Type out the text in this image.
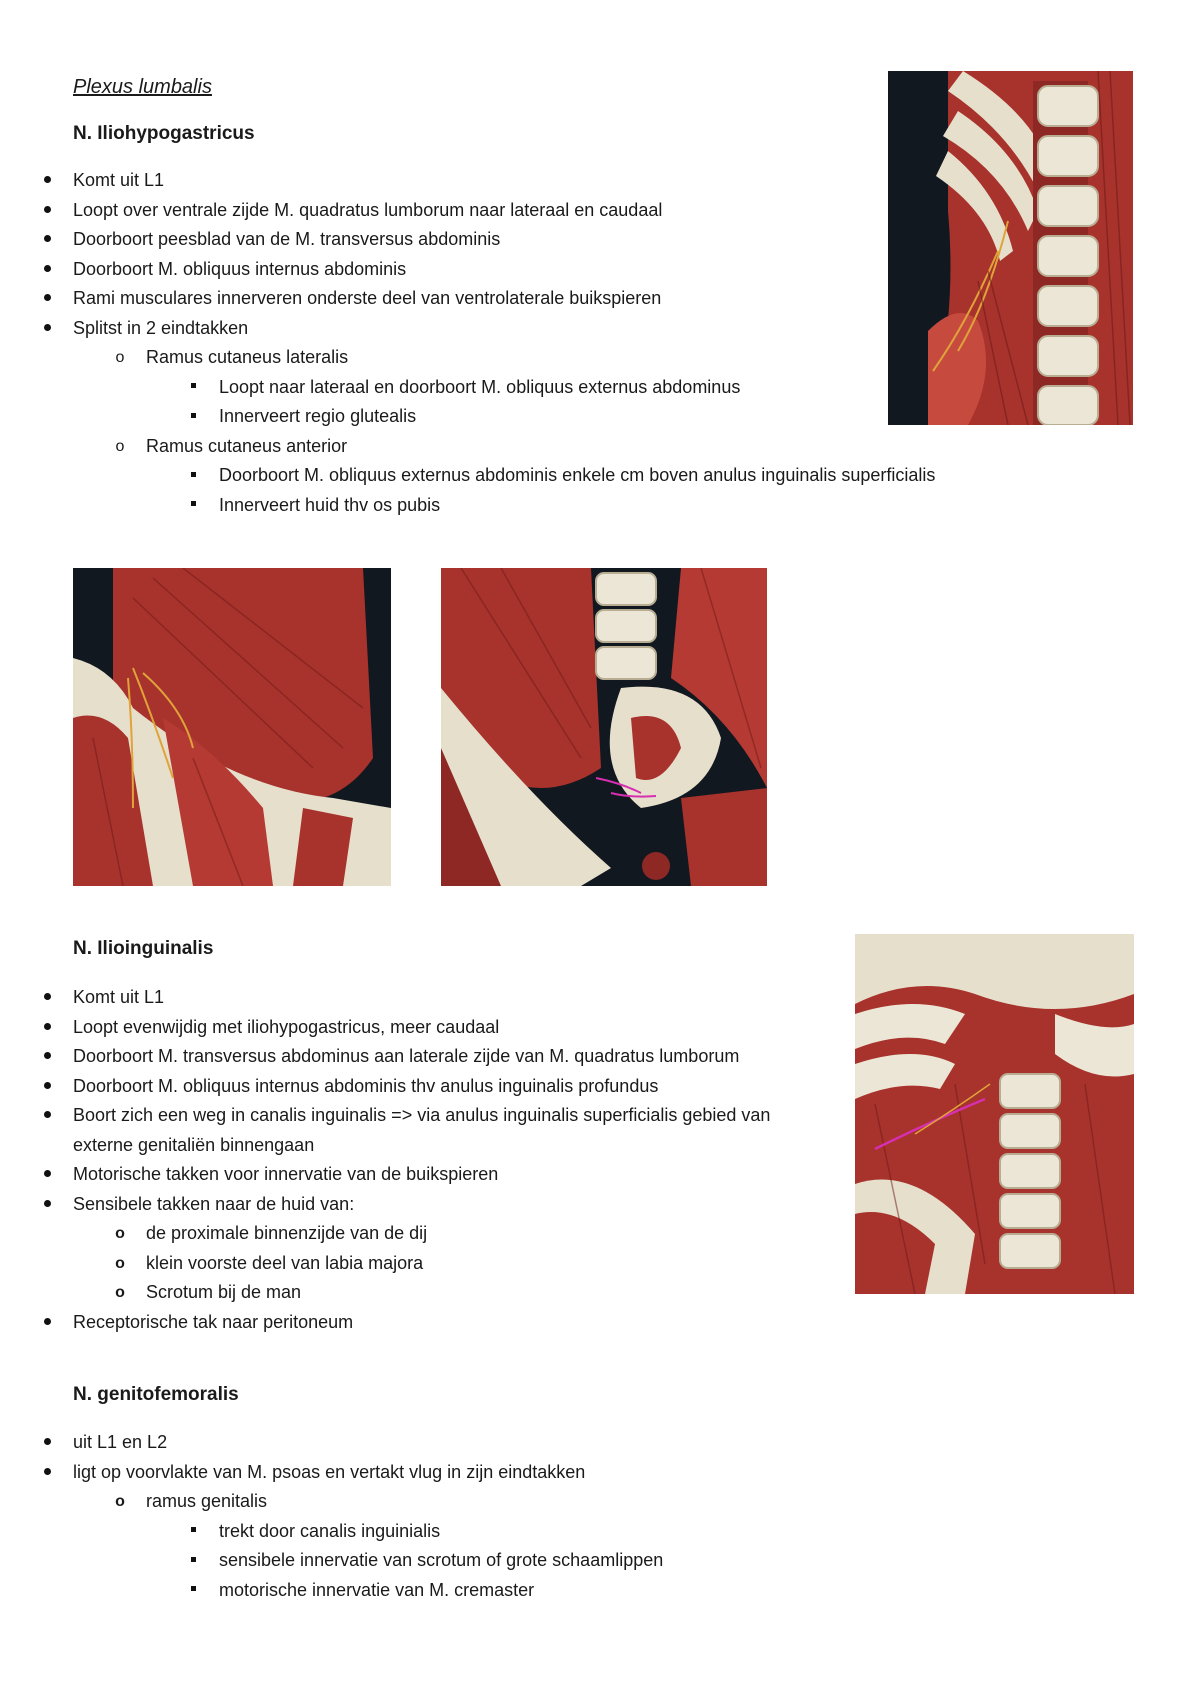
Plexus lumbalis
N. Iliohypogastricus
Komt uit L1
Loopt over ventrale zijde M. quadratus lumborum naar lateraal en caudaal
Doorboort peesblad van de M. transversus abdominis
Doorboort M. obliquus internus abdominis
Rami musculares innerveren onderste deel van ventrolaterale buikspieren
Splitst in 2 eindtakken
o	Ramus cutaneus lateralis
Loopt naar lateraal en doorboort M. obliquus externus abdominus
Innerveert regio glutealis
o	Ramus cutaneus anterior
Doorboort M. obliquus externus abdominis enkele cm boven anulus inguinalis superficialis
Innerveert huid thv os pubis
N. Ilioinguinalis
Komt uit L1
Loopt evenwijdig met iliohypogastricus, meer caudaal
Doorboort M. transversus abdominus aan laterale zijde van M. quadratus lumborum
Doorboort M. obliquus internus abdominis thv anulus inguinalis profundus
Boort zich een weg in canalis inguinalis => via anulus inguinalis superficialis gebied van externe genitaliën binnengaan
Motorische takken voor innervatie van de buikspieren
Sensibele takken naar de huid van:
o	de proximale binnenzijde van de dij
o	klein voorste deel van labia majora
o	Scrotum bij de man
Receptorische tak naar peritoneum
N. genitofemoralis
uit L1 en L2
ligt op voorvlakte van M. psoas en vertakt vlug in zijn eindtakken
o	ramus genitalis
trekt door canalis inguinialis
sensibele innervatie van scrotum of grote schaamlippen
motorische innervatie van M. cremaster
